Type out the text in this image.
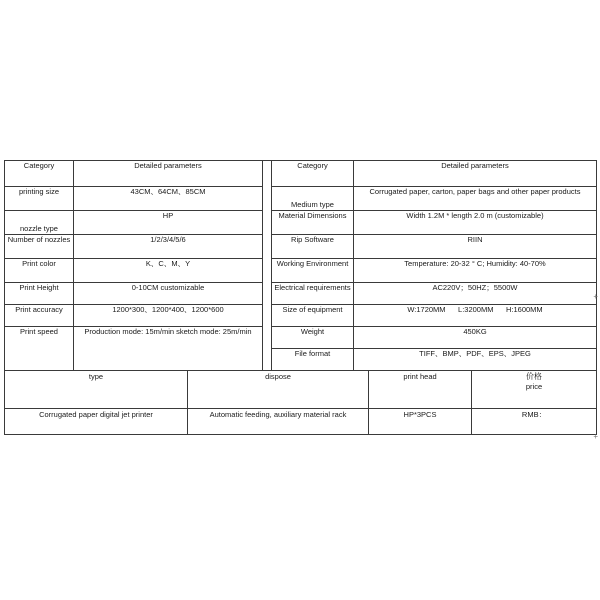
Category	Detailed parameters
printing size	43CM、64CM、85CM
nozzle type	HP
Number of nozzles	1/2/3/4/5/6
Print color	K、C、M、Y
Print Height	0-10CM customizable
Print accuracy	1200*300、1200*400、1200*600
Print speed	Production mode: 15m/min sketch mode: 25m/min
Category	Detailed parameters
Medium type	Corrugated paper, carton, paper bags and other paper products
Material Dimensions	Width 1.2M * length 2.0 m (customizable)
Rip Software	RIIN
Working Environment	Temperature: 20-32 ° C; Humidity: 40-70%
Electrical requirements	AC220V；50HZ；5500W
Size of equipment	W:1720MM      L:3200MM      H:1600MM
Weight	450KG
File format	TIFF、BMP、PDF、EPS、JPEG
type	dispose	print head	价格
price
Corrugated paper digital jet printer	Automatic feeding, auxiliary material rack	HP*3PCS	RMB：
+
+
